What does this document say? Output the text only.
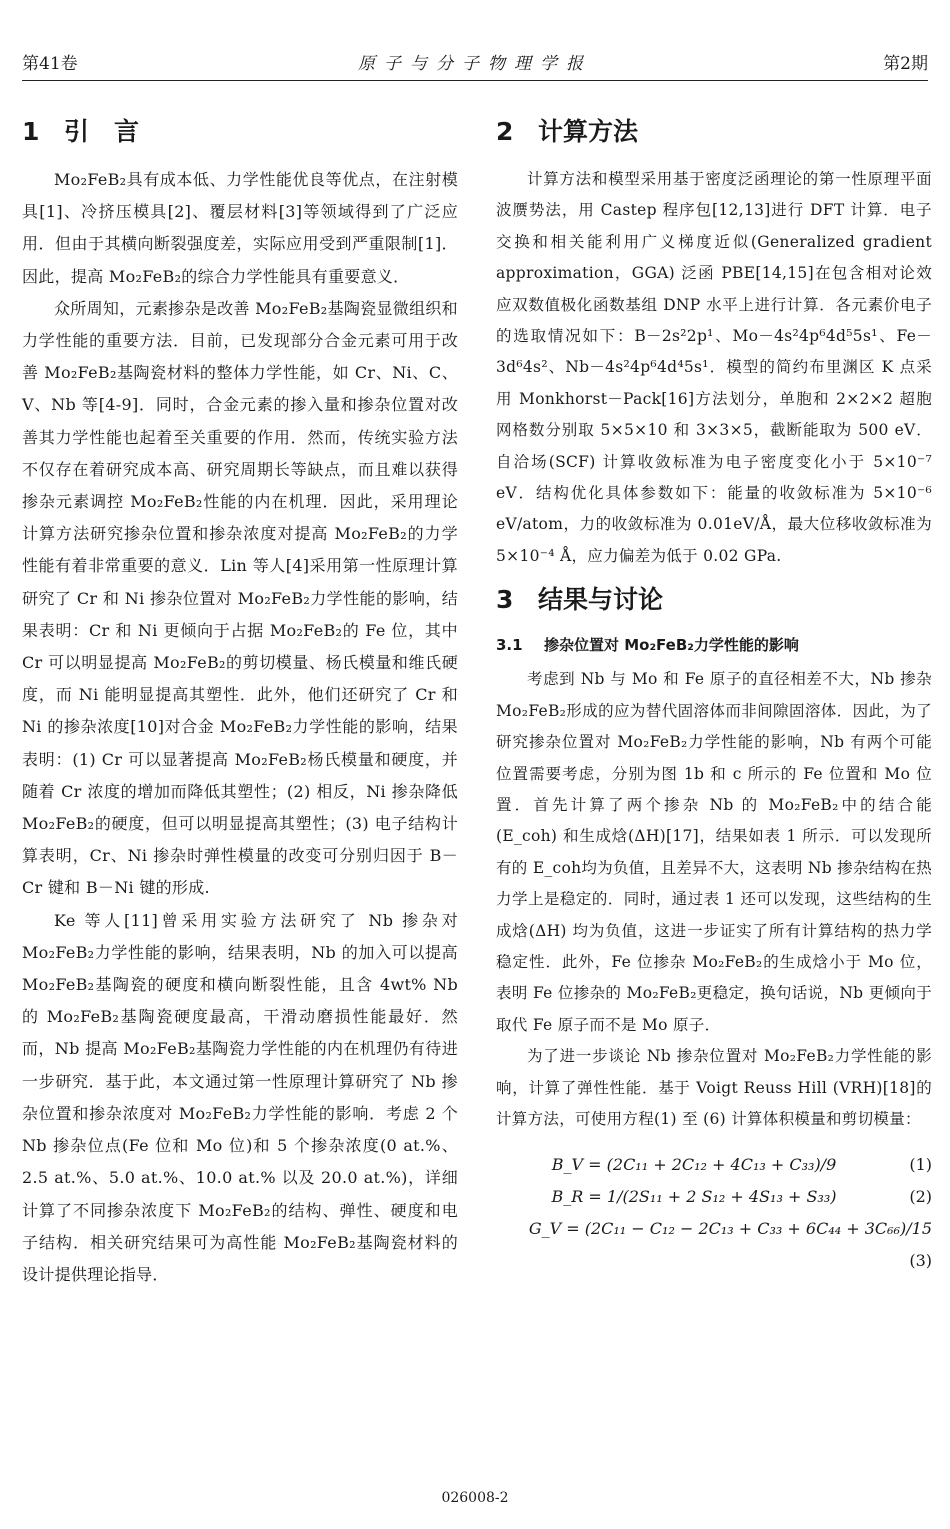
第41卷	原子与分子物理学报	第2期
1 引　言

Mo₂FeB₂具有成本低、力学性能优良等优点，在注射模具[1]、冷挤压模具[2]、覆层材料[3]等领域得到了广泛应用．但由于其横向断裂强度差，实际应用受到严重限制[1]．因此，提高 Mo₂FeB₂的综合力学性能具有重要意义．

众所周知，元素掺杂是改善 Mo₂FeB₂基陶瓷显微组织和力学性能的重要方法．目前，已发现部分合金元素可用于改善 Mo₂FeB₂基陶瓷材料的整体力学性能，如 Cr、Ni、C、V、Nb 等[4-9]．同时，合金元素的掺入量和掺杂位置对改善其力学性能也起着至关重要的作用．然而，传统实验方法不仅存在着研究成本高、研究周期长等缺点，而且难以获得掺杂元素调控 Mo₂FeB₂性能的内在机理．因此，采用理论计算方法研究掺杂位置和掺杂浓度对提高 Mo₂FeB₂的力学性能有着非常重要的意义．Lin 等人[4]采用第一性原理计算研究了 Cr 和 Ni 掺杂位置对 Mo₂FeB₂力学性能的影响，结果表明：Cr 和 Ni 更倾向于占据 Mo₂FeB₂的 Fe 位，其中 Cr 可以明显提高 Mo₂FeB₂的剪切模量、杨氏模量和维氏硬度，而 Ni 能明显提高其塑性．此外，他们还研究了 Cr 和 Ni 的掺杂浓度[10]对合金 Mo₂FeB₂力学性能的影响，结果表明：(1) Cr 可以显著提高 Mo₂FeB₂杨氏模量和硬度，并随着 Cr 浓度的增加而降低其塑性；(2) 相反，Ni 掺杂降低 Mo₂FeB₂的硬度，但可以明显提高其塑性；(3) 电子结构计算表明，Cr、Ni 掺杂时弹性模量的改变可分别归因于 B－Cr 键和 B－Ni 键的形成.

Ke 等人[11]曾采用实验方法研究了 Nb 掺杂对 Mo₂FeB₂力学性能的影响，结果表明，Nb 的加入可以提高 Mo₂FeB₂基陶瓷的硬度和横向断裂性能，且含 4wt% Nb 的 Mo₂FeB₂基陶瓷硬度最高，干滑动磨损性能最好．然而，Nb 提高 Mo₂FeB₂基陶瓷力学性能的内在机理仍有待进一步研究．基于此，本文通过第一性原理计算研究了 Nb 掺杂位置和掺杂浓度对 Mo₂FeB₂力学性能的影响．考虑 2 个 Nb 掺杂位点(Fe 位和 Mo 位)和 5 个掺杂浓度(0 at.%、2.5 at.%、5.0 at.%、10.0 at.% 以及 20.0 at.%)，详细计算了不同掺杂浓度下 Mo₂FeB₂的结构、弹性、硬度和电子结构．相关研究结果可为高性能 Mo₂FeB₂基陶瓷材料的设计提供理论指导．

2 计算方法

计算方法和模型采用基于密度泛函理论的第一性原理平面波赝势法，用 Castep 程序包[12,13]进行 DFT 计算．电子交换和相关能利用广义梯度近似(Generalized gradient approximation，GGA) 泛函 PBE[14,15]在包含相对论效应双数值极化函数基组 DNP 水平上进行计算．各元素价电子的选取情况如下：B－2s²2p¹、Mo－4s²4p⁶4d⁵5s¹、Fe－3d⁶4s²、Nb－4s²4p⁶4d⁴5s¹．模型的简约布里渊区 K 点采用 Monkhorst－Pack[16]方法划分，单胞和 2×2×2 超胞网格数分别取 5×5×10 和 3×3×5，截断能取为 500 eV．自洽场(SCF) 计算收敛标准为电子密度变化小于 5×10⁻⁷ eV．结构优化具体参数如下：能量的收敛标准为 5×10⁻⁶ eV/atom，力的收敛标准为 0.01eV/Å，最大位移收敛标准为 5×10⁻⁴ Å，应力偏差为低于 0.02 GPa.

3 结果与讨论
3.1 掺杂位置对 Mo₂FeB₂力学性能的影响

考虑到 Nb 与 Mo 和 Fe 原子的直径相差不大，Nb 掺杂 Mo₂FeB₂形成的应为替代固溶体而非间隙固溶体．因此，为了研究掺杂位置对 Mo₂FeB₂力学性能的影响，Nb 有两个可能位置需要考虑，分别为图 1b 和 c 所示的 Fe 位置和 Mo 位置．首先计算了两个掺杂 Nb 的 Mo₂FeB₂中的结合能(E_coh) 和生成焓(ΔH)[17]，结果如表 1 所示．可以发现所有的 E_coh均为负值，且差异不大，这表明 Nb 掺杂结构在热力学上是稳定的．同时，通过表 1 还可以发现，这些结构的生成焓(ΔH) 均为负值，这进一步证实了所有计算结构的热力学稳定性．此外，Fe 位掺杂 Mo₂FeB₂的生成焓小于 Mo 位，表明 Fe 位掺杂的 Mo₂FeB₂更稳定，换句话说，Nb 更倾向于取代 Fe 原子而不是 Mo 原子．

为了进一步谈论 Nb 掺杂位置对 Mo₂FeB₂力学性能的影响，计算了弹性性能．基于 Voigt Reuss Hill (VRH)[18]的计算方法，可使用方程(1) 至 (6) 计算体积模量和剪切模量：

B_V = (2C₁₁ + 2C₁₂ + 4C₁₃ + C₃₃)/9	(1)
B_R = 1/(2S₁₁ + 2 S₁₂ + 4S₁₃ + S₃₃)	(2)
G_V = (2C₁₁ − C₁₂ − 2C₁₃ + C₃₃ + 6C₄₄ + 3C₆₆)/15
(3)
026008-2
